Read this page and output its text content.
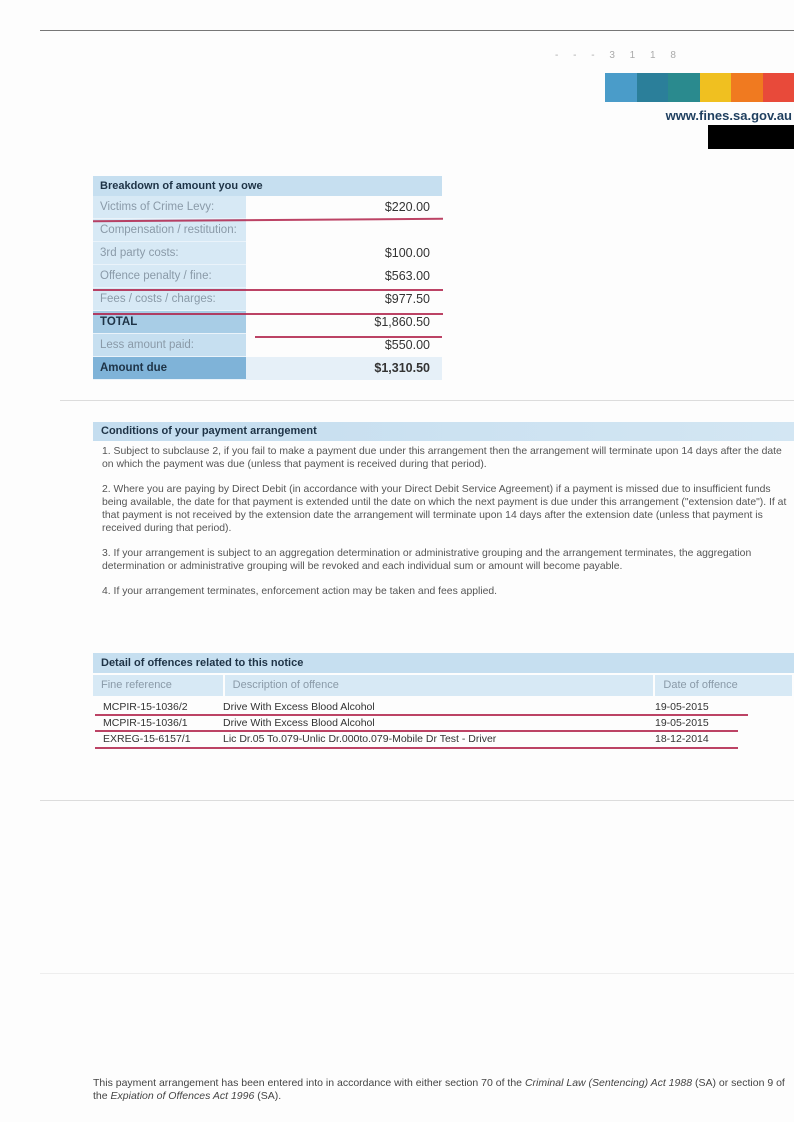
- - - 3 1 1 8
www.fines.sa.gov.au
Breakdown of amount you owe
Victims of Crime Levy:	$220.00
Compensation / restitution:
3rd party costs:	$100.00
Offence penalty / fine:	$563.00
Fees / costs / charges:	$977.50
TOTAL	$1,860.50
Less amount paid:	$550.00
Amount due	$1,310.50
Conditions of your payment arrangement

1. Subject to subclause 2, if you fail to make a payment due under this arrangement then the arrangement will terminate upon 14 days after the date on which the payment was due (unless that payment is received during that period).

2. Where you are paying by Direct Debit (in accordance with your Direct Debit Service Agreement) if a payment is missed due to insufficient funds being available, the date for that payment is extended until the date on which the next payment is due under this arrangement ("extension date"). If at that payment is not received by the extension date the arrangement will terminate upon 14 days after the extension date (unless that payment is received during that period).

3. If your arrangement is subject to an aggregation determination or administrative grouping and the arrangement terminates, the aggregation determination or administrative grouping will be revoked and each individual sum or amount will become payable.

4. If your arrangement terminates, enforcement action may be taken and fees applied.

Detail of offences related to this notice
Fine reference	Description of offence	Date of offence
MCPIR-15-1036/2	Drive With Excess Blood Alcohol	19-05-2015
MCPIR-15-1036/1	Drive With Excess Blood Alcohol	19-05-2015
EXREG-15-6157/1	Lic Dr.05 To.079-Unlic Dr.000to.079-Mobile Dr Test - Driver	18-12-2014
This payment arrangement has been entered into in accordance with either section 70 of the Criminal Law (Sentencing) Act 1988 (SA) or section 9 of the Expiation of Offences Act 1996 (SA).
